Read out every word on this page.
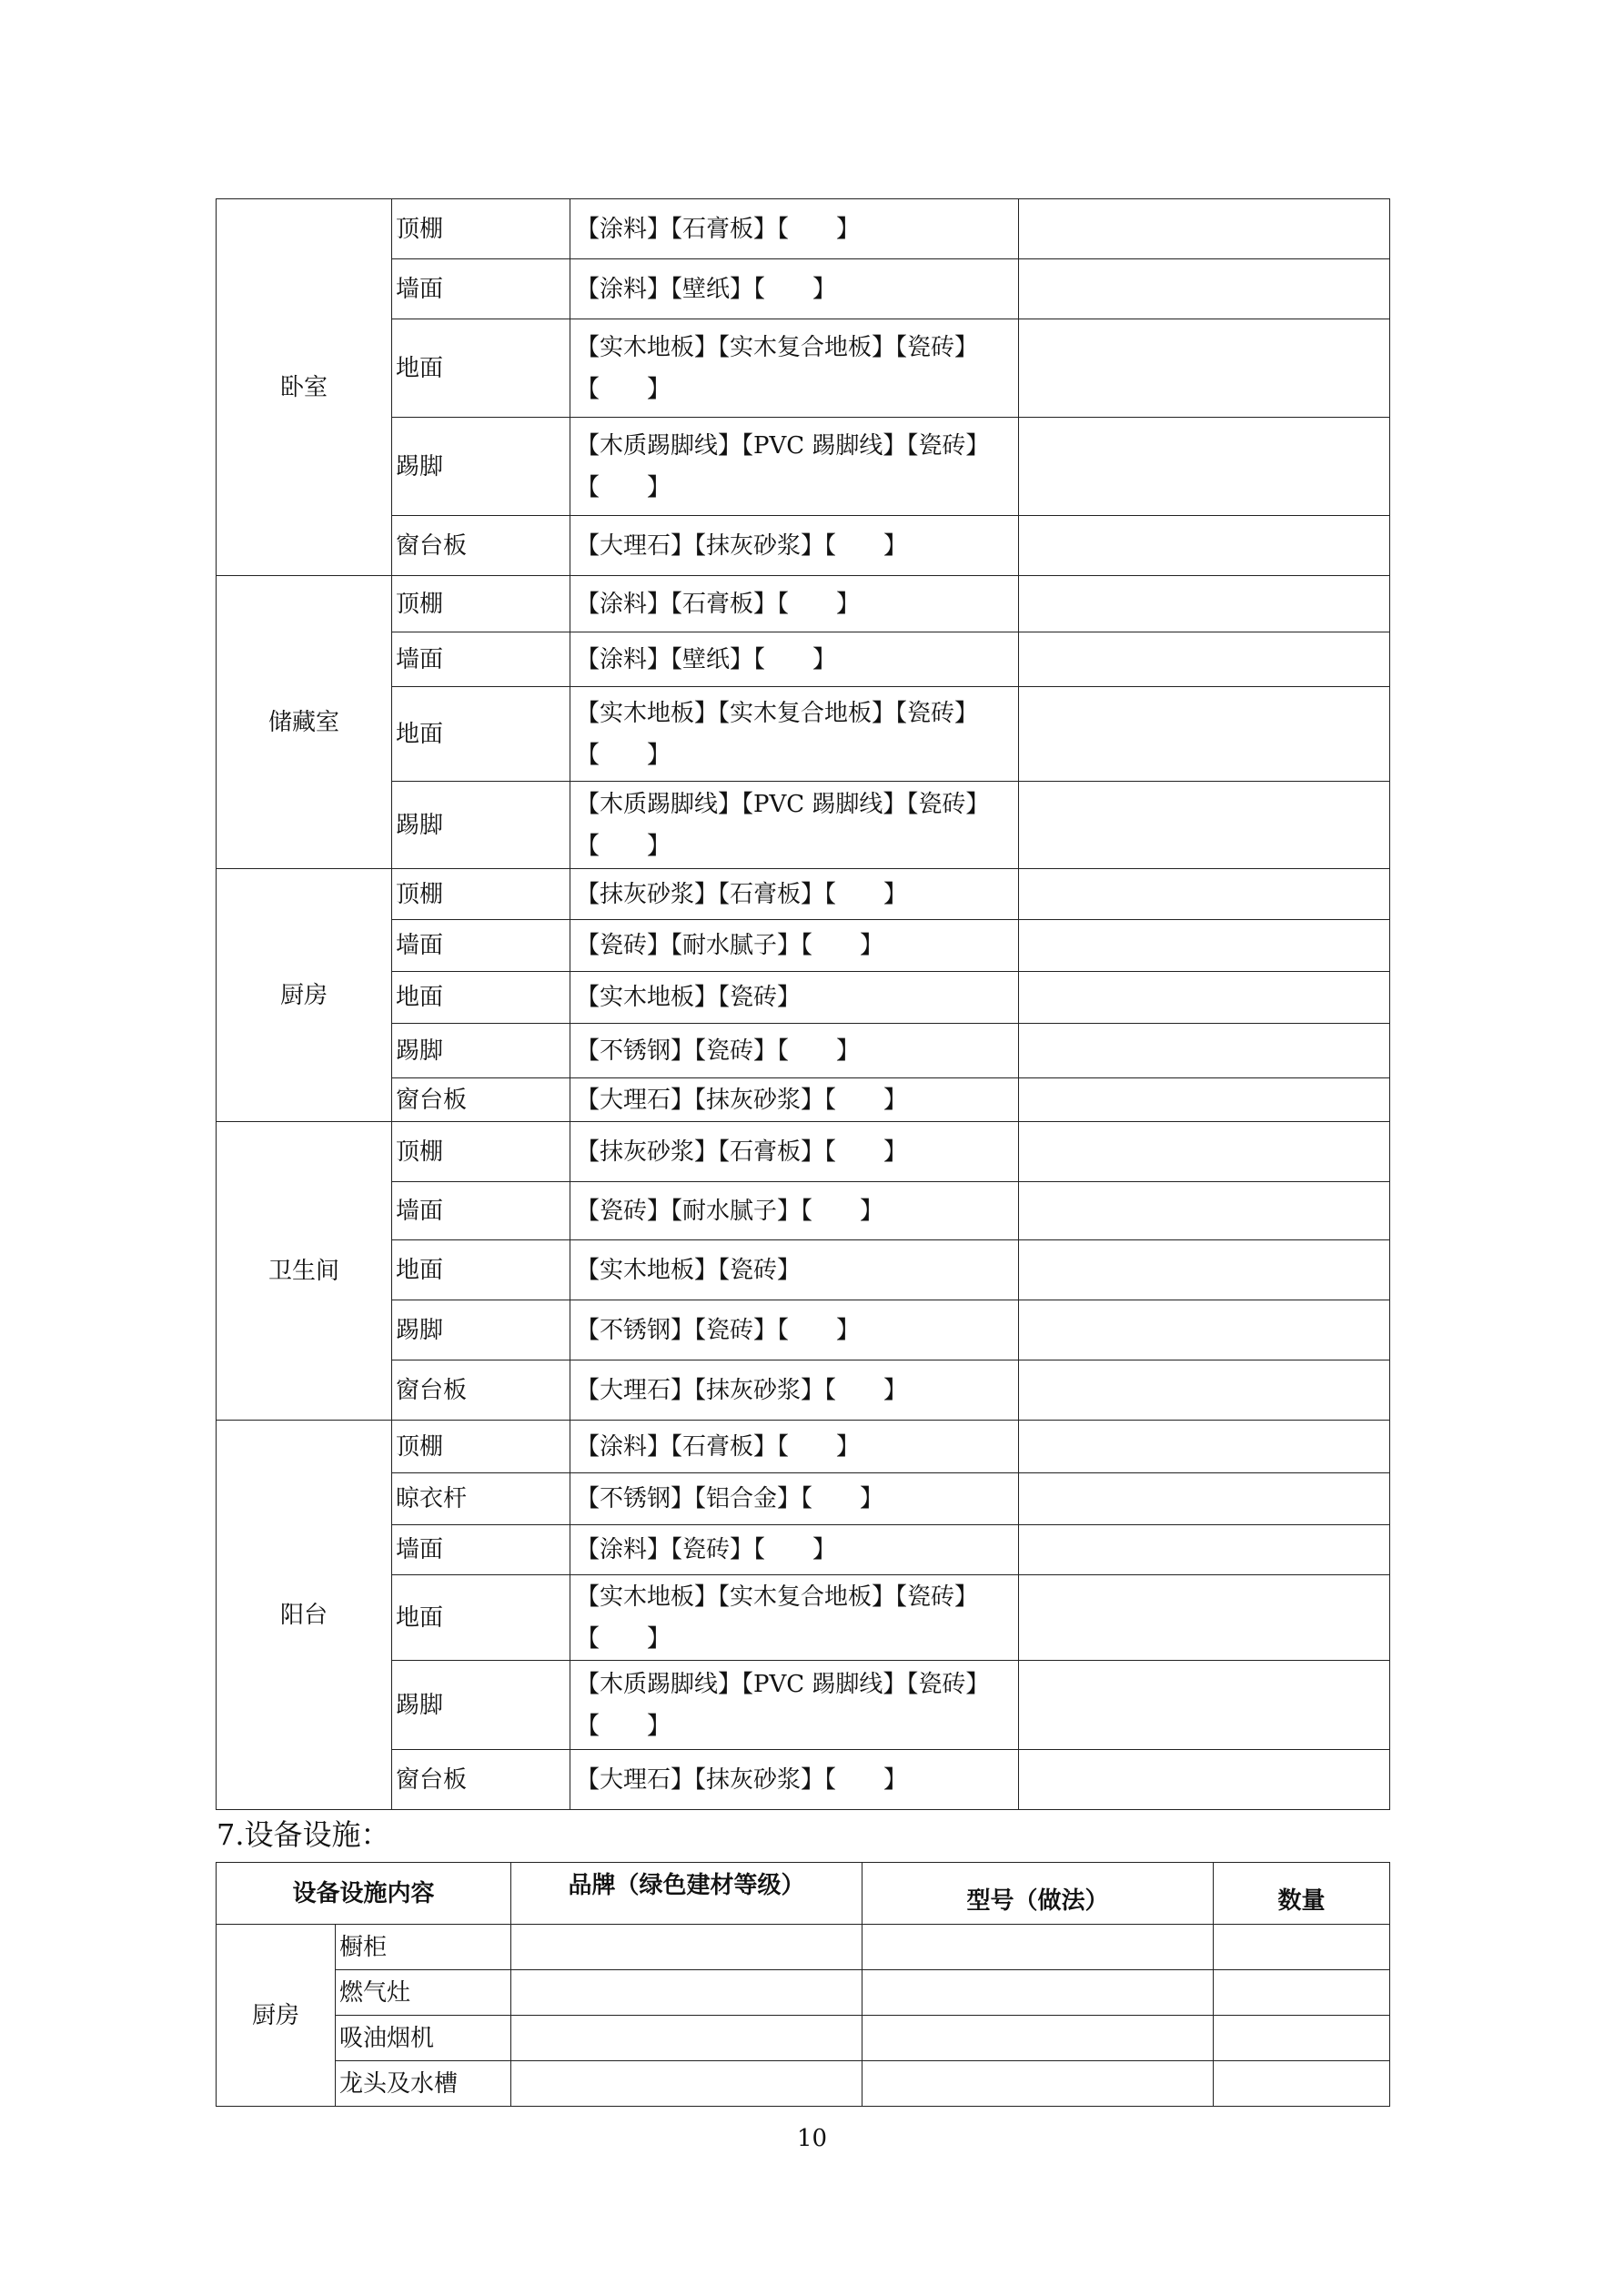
卧室	顶棚	【涂料】【石膏板】【　　】	
	墙面	【涂料】【壁纸】【　　】	
	地面	【实木地板】【实木复合地板】【瓷砖】【　　】	
	踢脚	【木质踢脚线】【PVC 踢脚线】【瓷砖】【　　】	
	窗台板	【大理石】【抹灰砂浆】【　　】	
储藏室	顶棚	【涂料】【石膏板】【　　】	
	墙面	【涂料】【壁纸】【　　】	
	地面	【实木地板】【实木复合地板】【瓷砖】【　　】	
	踢脚	【木质踢脚线】【PVC 踢脚线】【瓷砖】【　　】	
厨房	顶棚	【抹灰砂浆】【石膏板】【　　】	
	墙面	【瓷砖】【耐水腻子】【　　】	
	地面	【实木地板】【瓷砖】	
	踢脚	【不锈钢】【瓷砖】【　　】	
	窗台板	【大理石】【抹灰砂浆】【　　】	
卫生间	顶棚	【抹灰砂浆】【石膏板】【　　】	
	墙面	【瓷砖】【耐水腻子】【　　】	
	地面	【实木地板】【瓷砖】	
	踢脚	【不锈钢】【瓷砖】【　　】	
	窗台板	【大理石】【抹灰砂浆】【　　】	
阳台	顶棚	【涂料】【石膏板】【　　】	
	晾衣杆	【不锈钢】【铝合金】【　　】	
	墙面	【涂料】【瓷砖】【　　】	
	地面	【实木地板】【实木复合地板】【瓷砖】【　　】	
	踢脚	【木质踢脚线】【PVC 踢脚线】【瓷砖】【　　】	
	窗台板	【大理石】【抹灰砂浆】【　　】	
7.设备设施：
设备设施内容		品牌（绿色建材等级）	型号（做法）	数量
厨房	橱柜			
	燃气灶			
	吸油烟机			
	龙头及水槽			
10
